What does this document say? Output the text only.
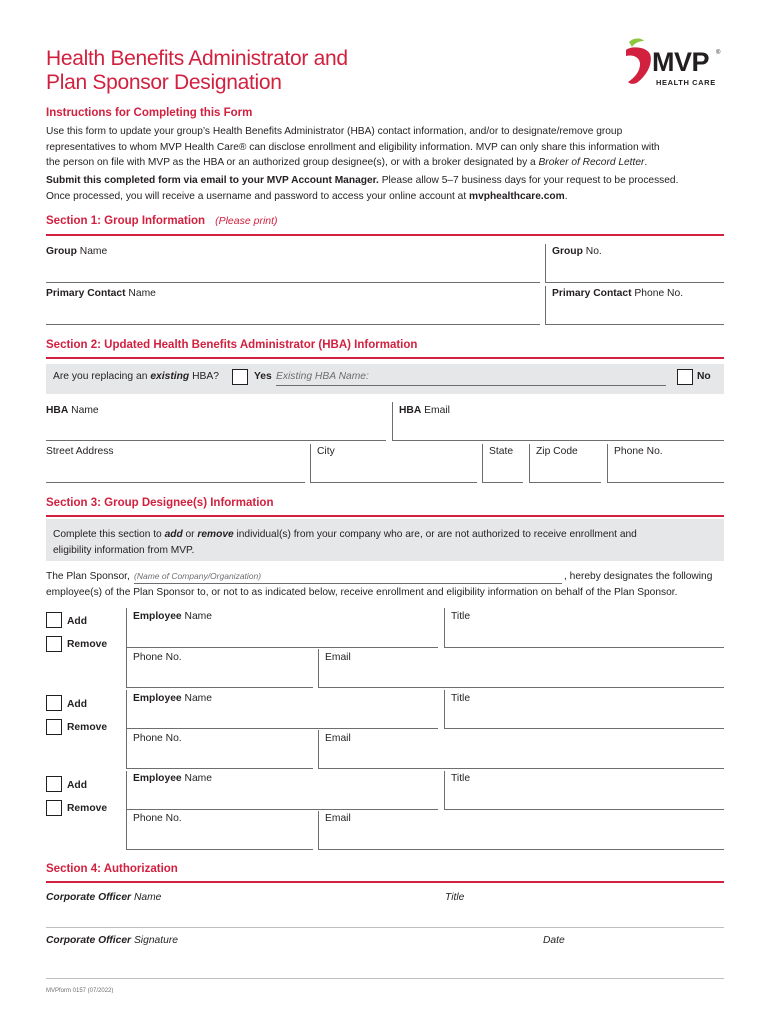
Health Benefits Administrator and
Plan Sponsor Designation
MVP ®
HEALTH CARE
Instructions for Completing this Form
Use this form to update your group’s Health Benefits Administrator (HBA) contact information, and/or to designate/remove group
representatives to whom MVP Health Care® can disclose enrollment and eligibility information. MVP can only share this information with
the person on file with MVP as the HBA or an authorized group designee(s), or with a broker designated by a Broker of Record Letter.
Submit this completed form via email to your MVP Account Manager. Please allow 5–7 business days for your request to be processed.
Once processed, you will receive a username and password to access your online account at mvphealthcare.com.
Section 1: Group Information (Please print)
Group Name	Group No.
Primary Contact Name	Primary Contact Phone No.
Section 2: Updated Health Benefits Administrator (HBA) Information
Are you replacing an existing HBA?	Yes Existing HBA Name:	No
HBA Name	HBA Email
Street Address	City	State Zip Code	Phone No.
Section 3: Group Designee(s) Information
Complete this section to add or remove individual(s) from your company who are, or are not authorized to receive enrollment and
eligibility information from MVP.
The Plan Sponsor, (Name of Company/Organization)	, hereby designates the following
employee(s) of the Plan Sponsor to, or not to as indicated below, receive enrollment and eligibility information on behalf of the Plan Sponsor.
Add
Remove
Employee Name	Title
Phone No.	Email
Add
Remove
Employee Name	Title
Phone No.	Email
Add
Remove
Employee Name	Title
Phone No.	Email
Section 4: Authorization
Corporate Officer Name	Title
Corporate Officer Signature	Date
MVPform 0157 (07/2022)
